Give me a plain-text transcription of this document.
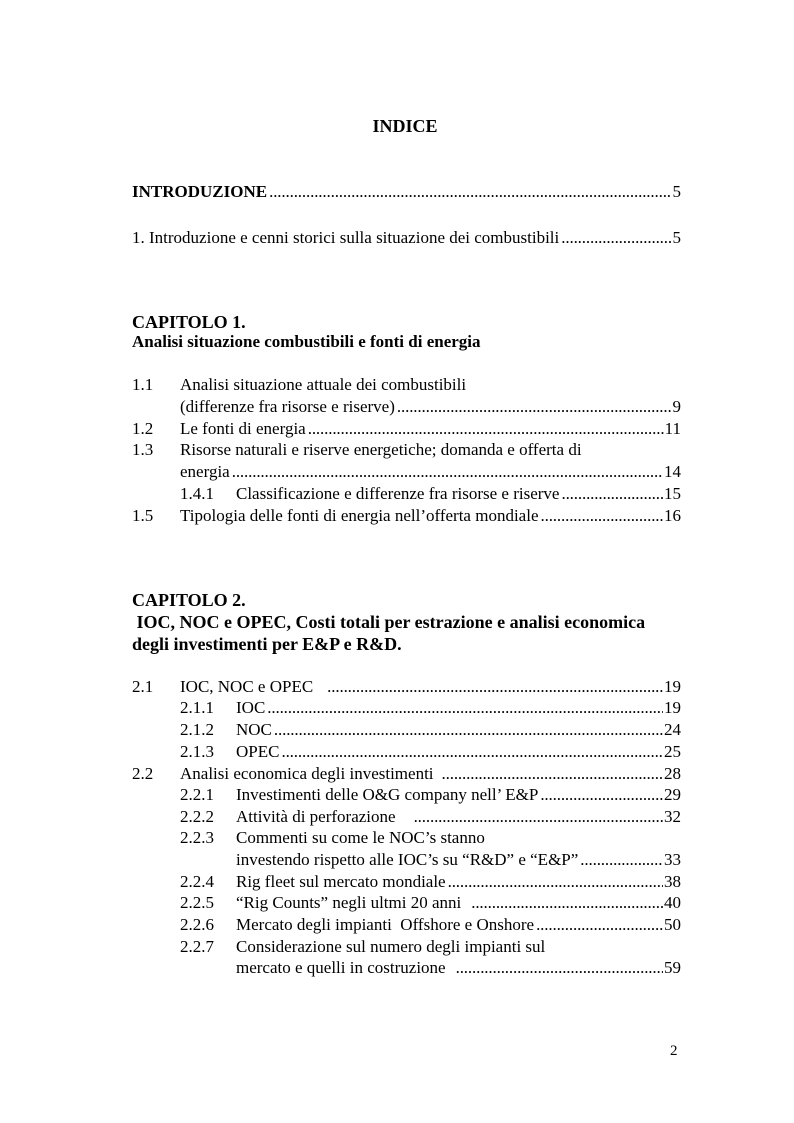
INDICE
INTRODUZIONE . . .	5
1. Introduzione e cenni storici sulla situazione dei combustibili . . .	5
CAPITOLO 1.
Analisi situazione combustibili e fonti di energia
1.1 Analisi situazione attuale dei combustibili
(differenze fra risorse e riserve) . . .	9
1.2	Le fonti di energia . . .	11
1.3 Risorse naturali e riserve energetiche; domanda e offerta di
energia . . .	14
1.4.1	Classificazione e differenze fra risorse e riserve . . .	15
1.5	Tipologia delle fonti di energia nell’offerta mondiale . . .	16
CAPITOLO 2.
IOC, NOC e OPEC, Costi totali per estrazione e analisi economica
degli investimenti per E&P e R&D.
2.1	IOC, NOC e OPEC . . .	19
2.1.1	IOC . . .	19
2.1.2	NOC . . .	24
2.1.3	OPEC . . .	25
2.2	Analisi economica degli investimenti . . .	28
2.2.1	Investimenti delle O&G company nell’ E&P . . .	29
2.2.2	Attività di perforazione . . .	32
2.2.3 Commenti su come le NOC’s stanno
investendo rispetto alle IOC’s su “R&D” e “E&P” . . .	33
2.2.4	Rig fleet sul mercato mondiale . . .	38
2.2.5	“Rig Counts” negli ultmi 20 anni . . .	40
2.2.6	Mercato degli impianti  Offshore e Onshore . . .	50
2.2.7 Considerazione sul numero degli impianti sul
mercato e quelli in costruzione . . .	59
2
